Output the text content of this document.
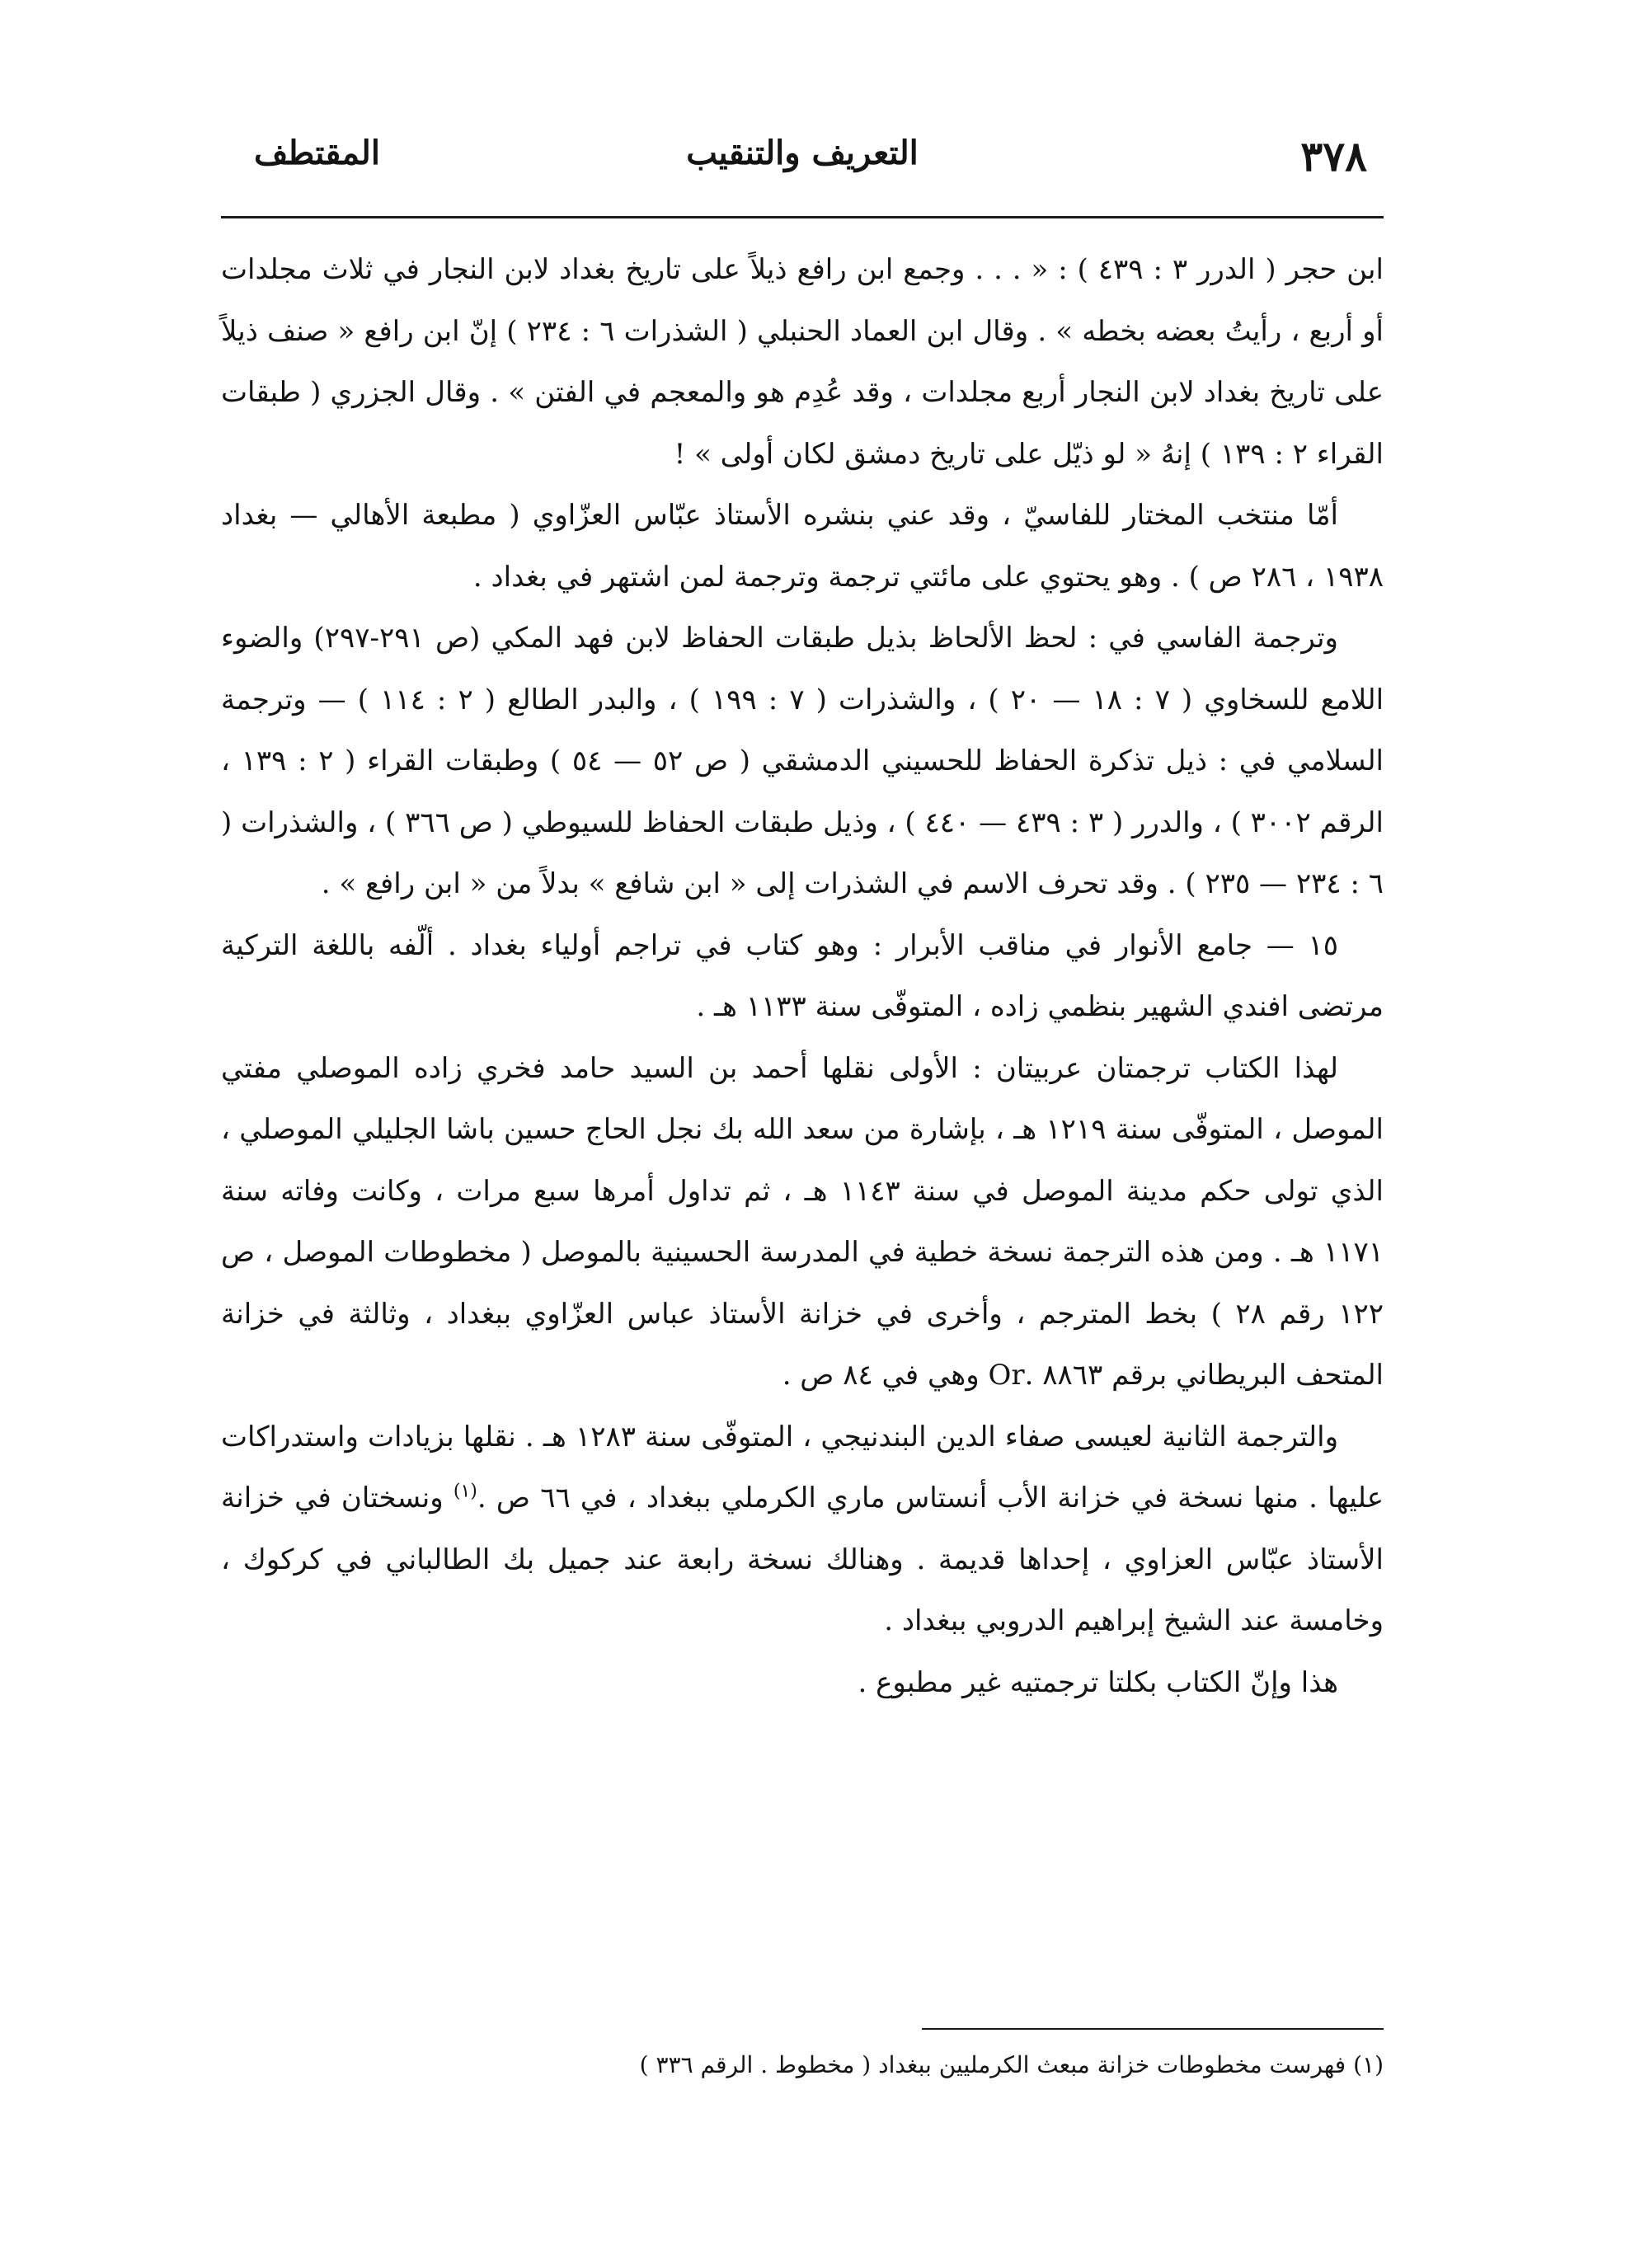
٣٧٨
التعريف والتنقيب
المقتطف

ابن حجر ( الدرر ٣ : ٤٣٩ ) : « . . . وجمع ابن رافع ذيلاً على تاريخ بغداد لابن النجار في ثلاث مجلدات أو أربع ، رأيتُ بعضه بخطه » . وقال ابن العماد الحنبلي ( الشذرات ٦ : ٢٣٤ ) إنّ ابن رافع « صنف ذيلاً على تاريخ بغداد لابن النجار أربع مجلدات ، وقد عُدِم هو والمعجم في الفتن » . وقال الجزري ( طبقات القراء ٢ : ١٣٩ ) إنهُ « لو ذيّل على تاريخ دمشق لكان أولى » !

أمّا منتخب المختار للفاسيّ ، وقد عني بنشره الأستاذ عبّاس العزّاوي ( مطبعة الأهالي — بغداد ١٩٣٨ ، ٢٨٦ ص ) . وهو يحتوي على مائتي ترجمة وترجمة لمن اشتهر في بغداد .

وترجمة الفاسي في : لحظ الألحاظ بذيل طبقات الحفاظ لابن فهد المكي (ص ٢٩١-٢٩٧) والضوء اللامع للسخاوي ( ٧ : ١٨ — ٢٠ ) ، والشذرات ( ٧ : ١٩٩ ) ، والبدر الطالع ( ٢ : ١١٤ ) — وترجمة السلامي في : ذيل تذكرة الحفاظ للحسيني الدمشقي ( ص ٥٢ — ٥٤ ) وطبقات القراء ( ٢ : ١٣٩ ، الرقم ٣٠٠٢ ) ، والدرر ( ٣ : ٤٣٩ — ٤٤٠ ) ، وذيل طبقات الحفاظ للسيوطي ( ص ٣٦٦ ) ، والشذرات ( ٦ : ٢٣٤ — ٢٣٥ ) . وقد تحرف الاسم في الشذرات إلى « ابن شافع » بدلاً من « ابن رافع » .

١٥ — جامع الأنوار في مناقب الأبرار : وهو كتاب في تراجم أولياء بغداد . ألّفه باللغة التركية مرتضى افندي الشهير بنظمي زاده ، المتوفّى سنة ١١٣٣ هـ .

لهذا الكتاب ترجمتان عربيتان : الأولى نقلها أحمد بن السيد حامد فخري زاده الموصلي مفتي الموصل ، المتوفّى سنة ١٢١٩ هـ ، بإشارة من سعد الله بك نجل الحاج حسين باشا الجليلي الموصلي ، الذي تولى حكم مدينة الموصل في سنة ١١٤٣ هـ ، ثم تداول أمرها سبع مرات ، وكانت وفاته سنة ١١٧١ هـ . ومن هذه الترجمة نسخة خطية في المدرسة الحسينية بالموصل ( مخطوطات الموصل ، ص ١٢٢ رقم ٢٨ ) بخط المترجم ، وأخرى في خزانة الأستاذ عباس العزّاوي ببغداد ، وثالثة في خزانة المتحف البريطاني برقم ٨٨٦٣ .Or وهي في ٨٤ ص .

والترجمة الثانية لعيسى صفاء الدين البندنيجي ، المتوفّى سنة ١٢٨٣ هـ . نقلها بزيادات واستدراكات عليها . منها نسخة في خزانة الأب أنستاس ماري الكرملي ببغداد ، في ٦٦ ص .$^{(١)}$ ونسختان في خزانة الأستاذ عبّاس العزاوي ، إحداها قديمة . وهنالك نسخة رابعة عند جميل بك الطالباني في كركوك ، وخامسة عند الشيخ إبراهيم الدروبي ببغداد .

هذا وإنّ الكتاب بكلتا ترجمتيه غير مطبوع .

(١) فهرست مخطوطات خزانة مبعث الكرمليين ببغداد ( مخطوط . الرقم ٣٣٦ )
